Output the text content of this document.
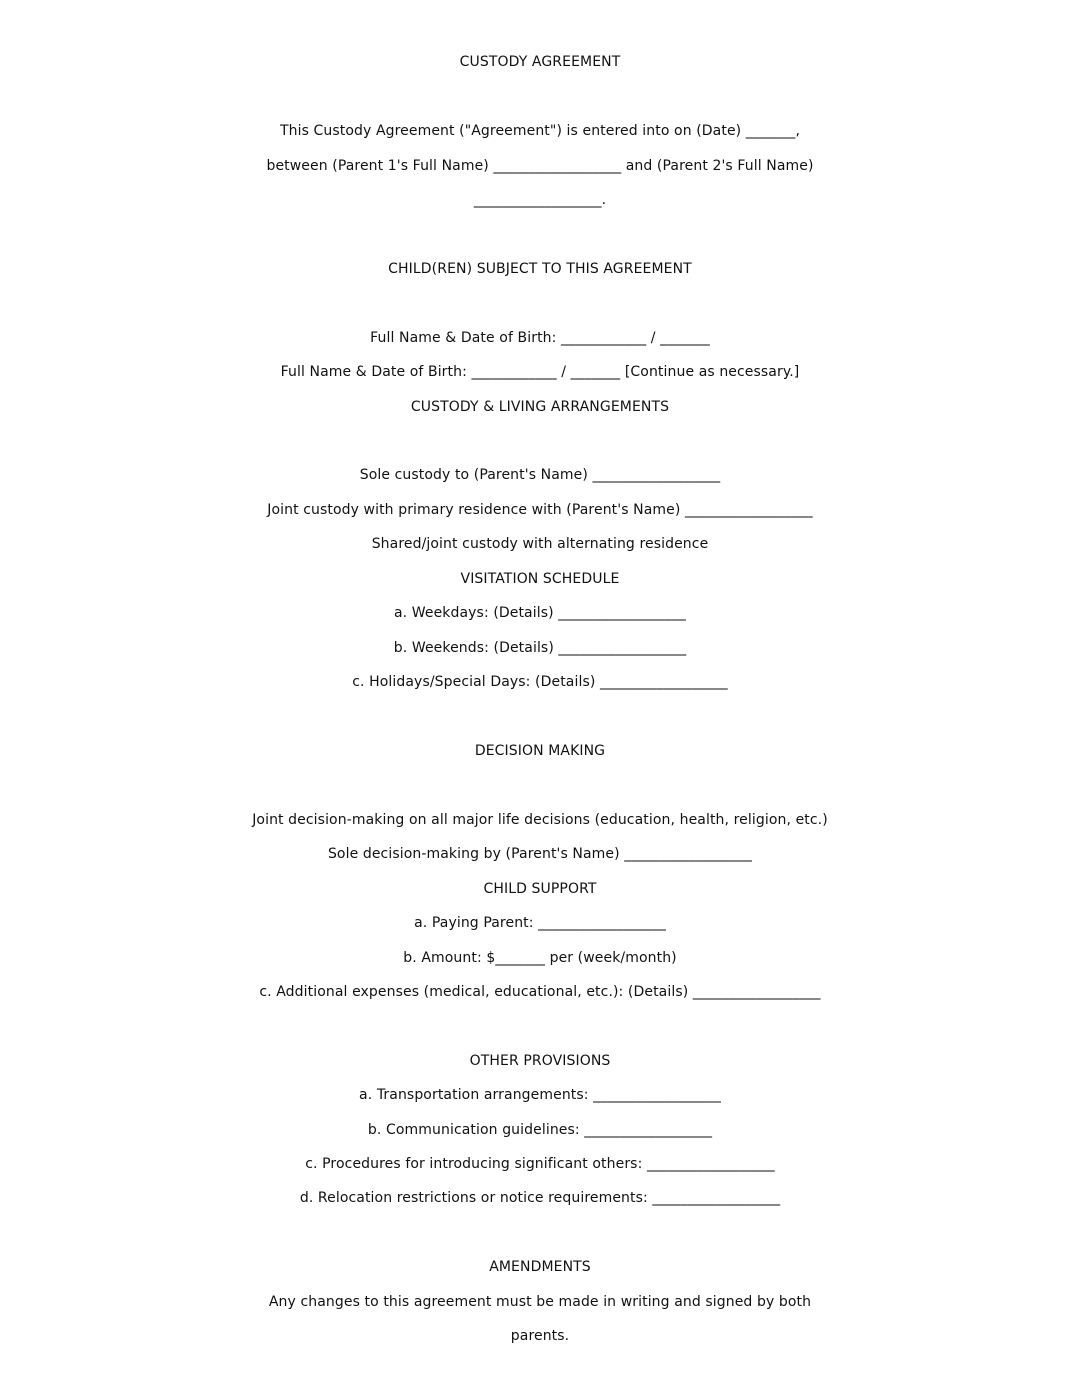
CUSTODY AGREEMENT
This Custody Agreement ("Agreement") is entered into on (Date) _______,
between (Parent 1's Full Name) __________________ and (Parent 2's Full Name)
__________________.
CHILD(REN) SUBJECT TO THIS AGREEMENT
Full Name & Date of Birth: ____________ / _______
Full Name & Date of Birth: ____________ / _______ [Continue as necessary.]
CUSTODY & LIVING ARRANGEMENTS
Sole custody to (Parent's Name) __________________
Joint custody with primary residence with (Parent's Name) __________________
Shared/joint custody with alternating residence
VISITATION SCHEDULE
a. Weekdays: (Details) __________________
b. Weekends: (Details) __________________
c. Holidays/Special Days: (Details) __________________
DECISION MAKING
Joint decision-making on all major life decisions (education, health, religion, etc.)
Sole decision-making by (Parent's Name) __________________
CHILD SUPPORT
a. Paying Parent: __________________
b. Amount: $_______ per (week/month)
c. Additional expenses (medical, educational, etc.): (Details) __________________
OTHER PROVISIONS
a. Transportation arrangements: __________________
b. Communication guidelines: __________________
c. Procedures for introducing significant others: __________________
d. Relocation restrictions or notice requirements: __________________
AMENDMENTS
Any changes to this agreement must be made in writing and signed by both
parents.
